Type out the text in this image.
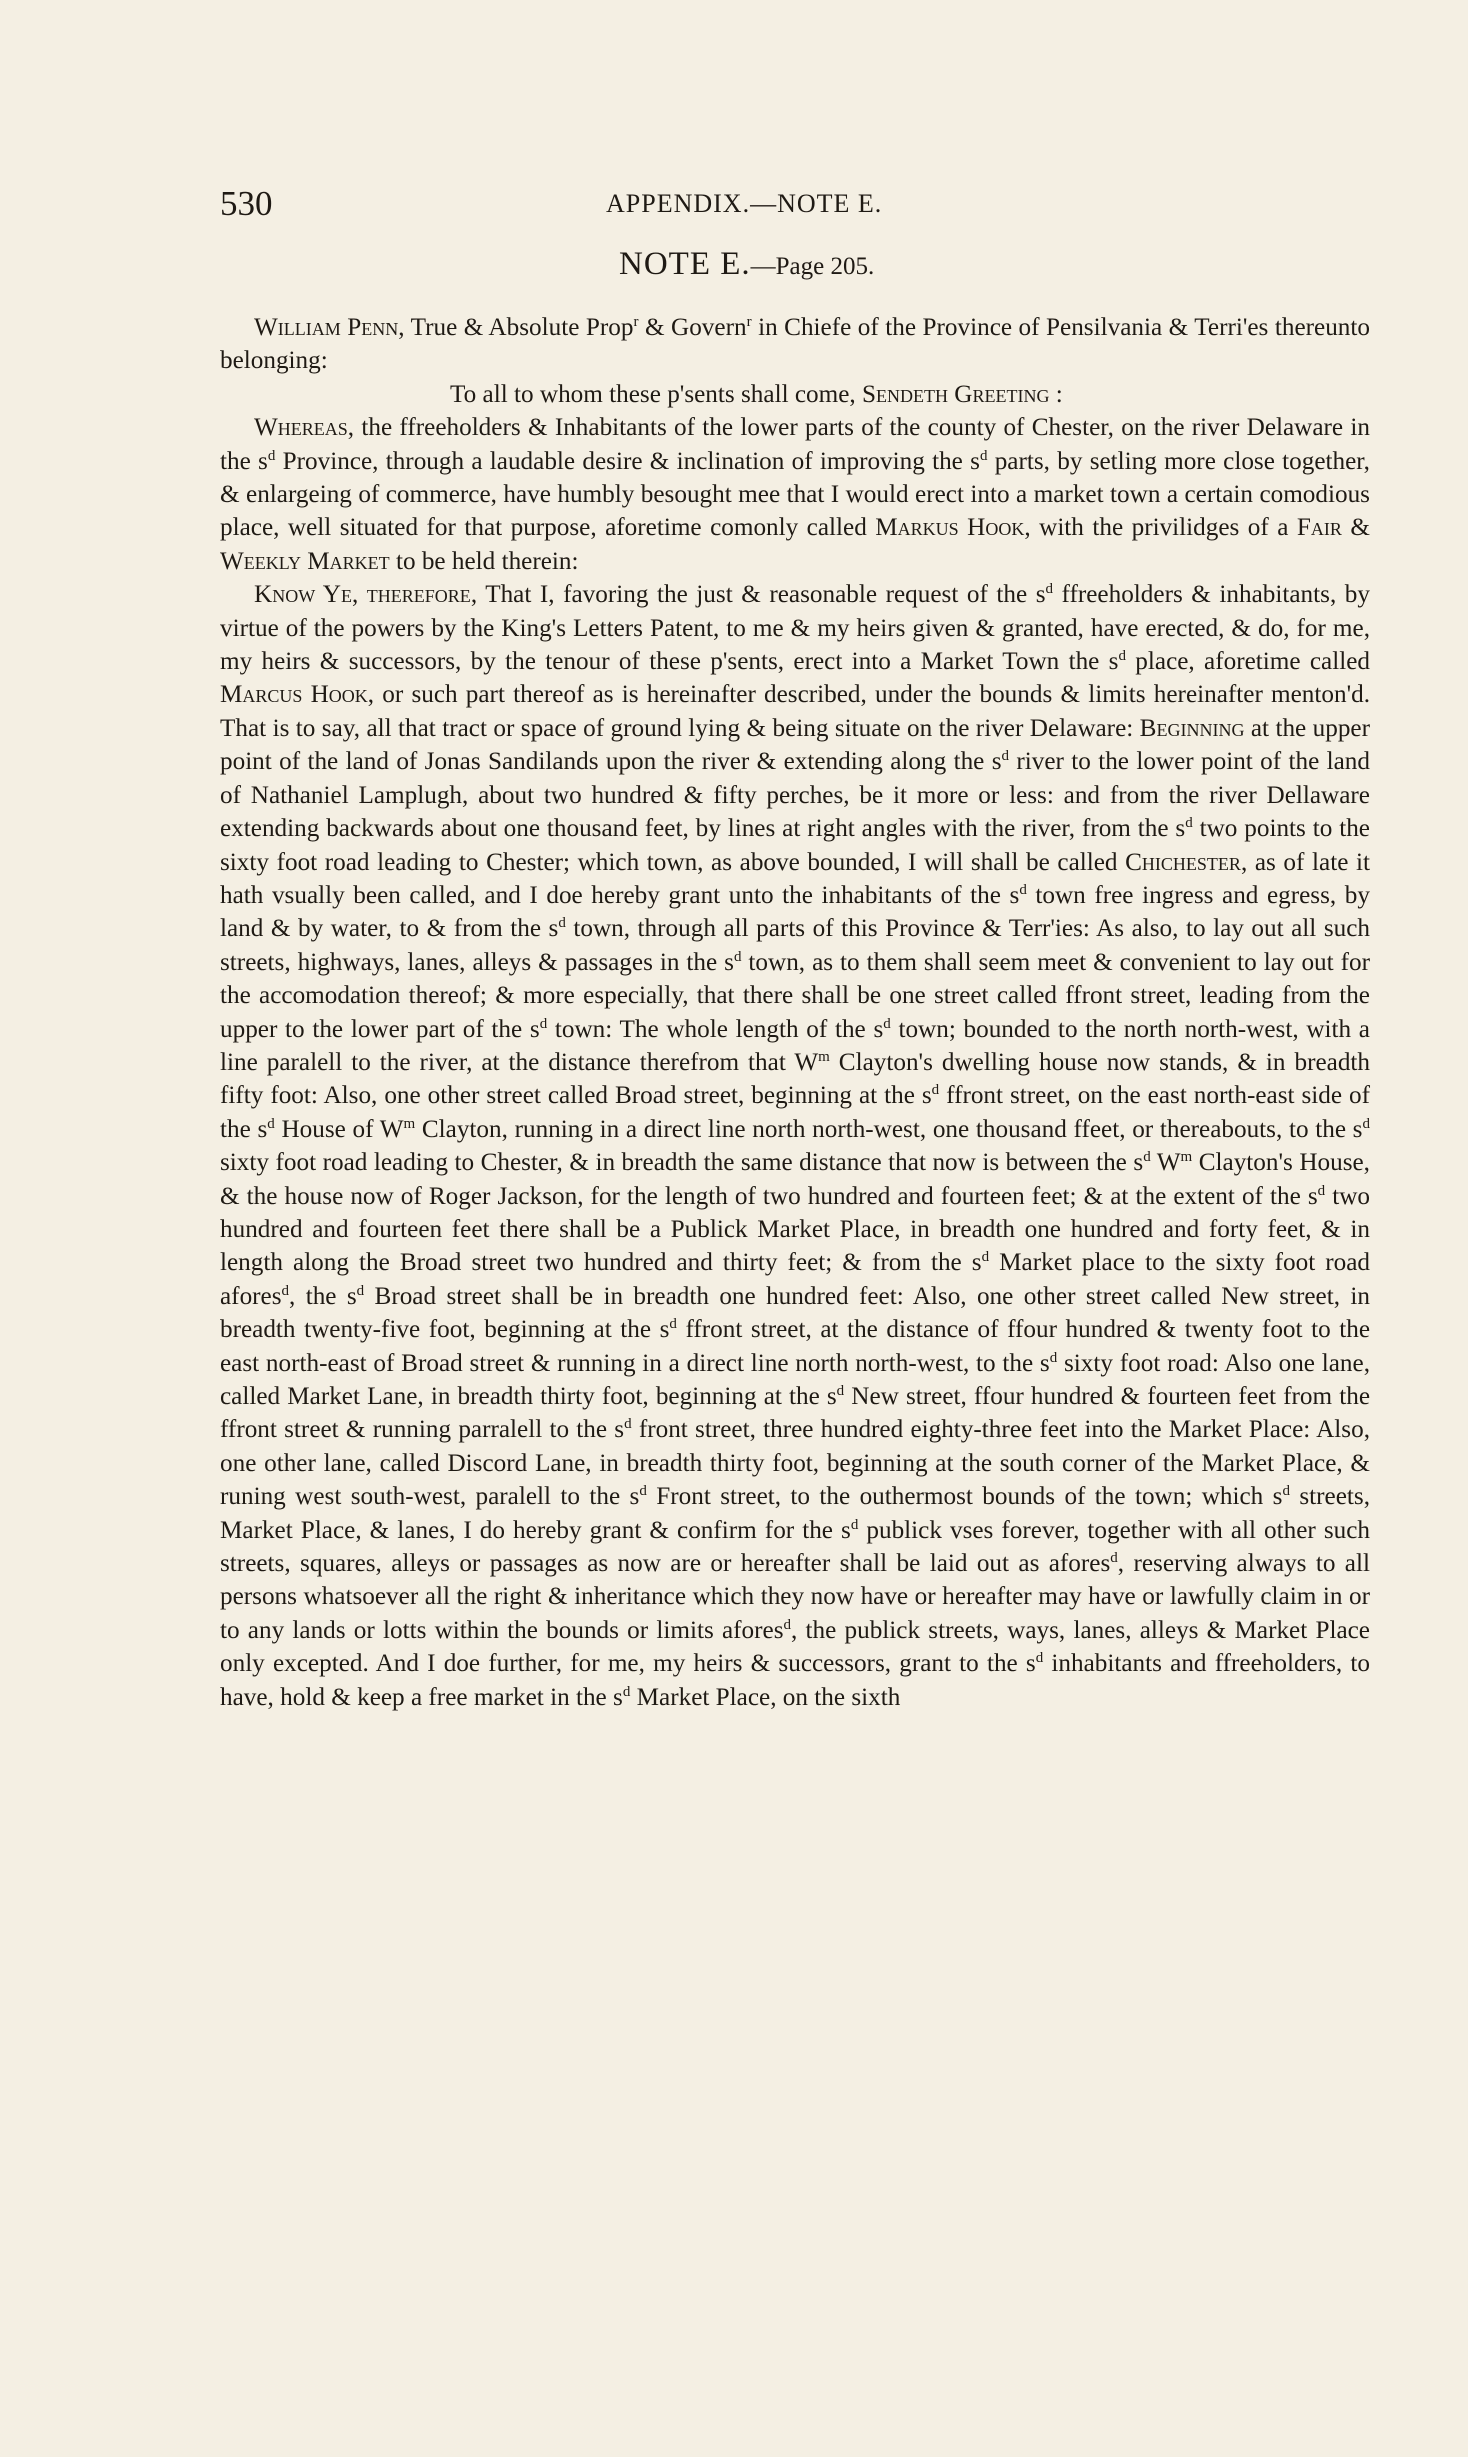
530	APPENDIX.—NOTE E.
NOTE E.—Page 205.

William Penn, True & Absolute Prop$^r$ & Govern$^r$ in Chiefe of the Province of Pensilvania & Terri'es thereunto belonging:

To all to whom these p'sents shall come, Sendeth Greeting :

Whereas, the ffreeholders & Inhabitants of the lower parts of the county of Chester, on the river Delaware in the $s^d$ Province, through a laudable desire & inclination of improving the $s^d$ parts, by setling more close together, & enlargeing of commerce, have humbly besought mee that I would erect into a market town a certain comodious place, well situated for that purpose, aforetime comonly called Markus Hook, with the privilidges of a Fair & Weekly Market to be held therein:

Know Ye, therefore, That I, favoring the just & reasonable request of the $s^d$ ffreeholders & inhabitants, by virtue of the powers by the King's Letters Patent, to me & my heirs given & granted, have erected, & do, for me, my heirs & successors, by the tenour of these p'sents, erect into a Market Town the $s^d$ place, aforetime called Marcus Hook, or such part thereof as is hereinafter described, under the bounds & limits hereinafter menton'd. That is to say, all that tract or space of ground lying & being situate on the river Delaware: Beginning at the upper point of the land of Jonas Sandilands upon the river & extending along the $s^d$ river to the lower point of the land of Nathaniel Lamplugh, about two hundred & fifty perches, be it more or less: and from the river Dellaware extending backwards about one thousand feet, by lines at right angles with the river, from the $s^d$ two points to the sixty foot road leading to Chester; which town, as above bounded, I will shall be called Chichester, as of late it hath vsually been called, and I doe hereby grant unto the inhabitants of the $s^d$ town free ingress and egress, by land & by water, to & from the $s^d$ town, through all parts of this Province & Terr'ies: As also, to lay out all such streets, highways, lanes, alleys & passages in the $s^d$ town, as to them shall seem meet & convenient to lay out for the accomodation thereof; & more especially, that there shall be one street called ffront street, leading from the upper to the lower part of the $s^d$ town: The whole length of the $s^d$ town; bounded to the north north-west, with a line paralell to the river, at the distance therefrom that $W^m$ Clayton's dwelling house now stands, & in breadth fifty foot: Also, one other street called Broad street, beginning at the $s^d$ ffront street, on the east north-east side of the $s^d$ House of $W^m$ Clayton, running in a direct line north north-west, one thousand ffeet, or thereabouts, to the $s^d$ sixty foot road leading to Chester, & in breadth the same distance that now is between the $s^d$ $W^m$ Clayton's House, & the house now of Roger Jackson, for the length of two hundred and fourteen feet; & at the extent of the $s^d$ two hundred and fourteen feet there shall be a Publick Market Place, in breadth one hundred and forty feet, & in length along the Broad street two hundred and thirty feet; & from the $s^d$ Market place to the sixty foot road afores$^d$, the $s^d$ Broad street shall be in breadth one hundred feet: Also, one other street called New street, in breadth twenty-five foot, beginning at the $s^d$ ffront street, at the distance of ffour hundred & twenty foot to the east north-east of Broad street & running in a direct line north north-west, to the $s^d$ sixty foot road: Also one lane, called Market Lane, in breadth thirty foot, beginning at the $s^d$ New street, ffour hundred & fourteen feet from the ffront street & running parralell to the $s^d$ front street, three hundred eighty-three feet into the Market Place: Also, one other lane, called Discord Lane, in breadth thirty foot, beginning at the south corner of the Market Place, & runing west south-west, paralell to the $s^d$ Front street, to the outhermost bounds of the town; which $s^d$ streets, Market Place, & lanes, I do hereby grant & confirm for the $s^d$ publick vses forever, together with all other such streets, squares, alleys or passages as now are or hereafter shall be laid out as afores$^d$, reserving always to all persons whatsoever all the right & inheritance which they now have or hereafter may have or lawfully claim in or to any lands or lotts within the bounds or limits afores$^d$, the publick streets, ways, lanes, alleys & Market Place only excepted. And I doe further, for me, my heirs & successors, grant to the $s^d$ inhabitants and ffreeholders, to have, hold & keep a free market in the $s^d$ Market Place, on the sixth
